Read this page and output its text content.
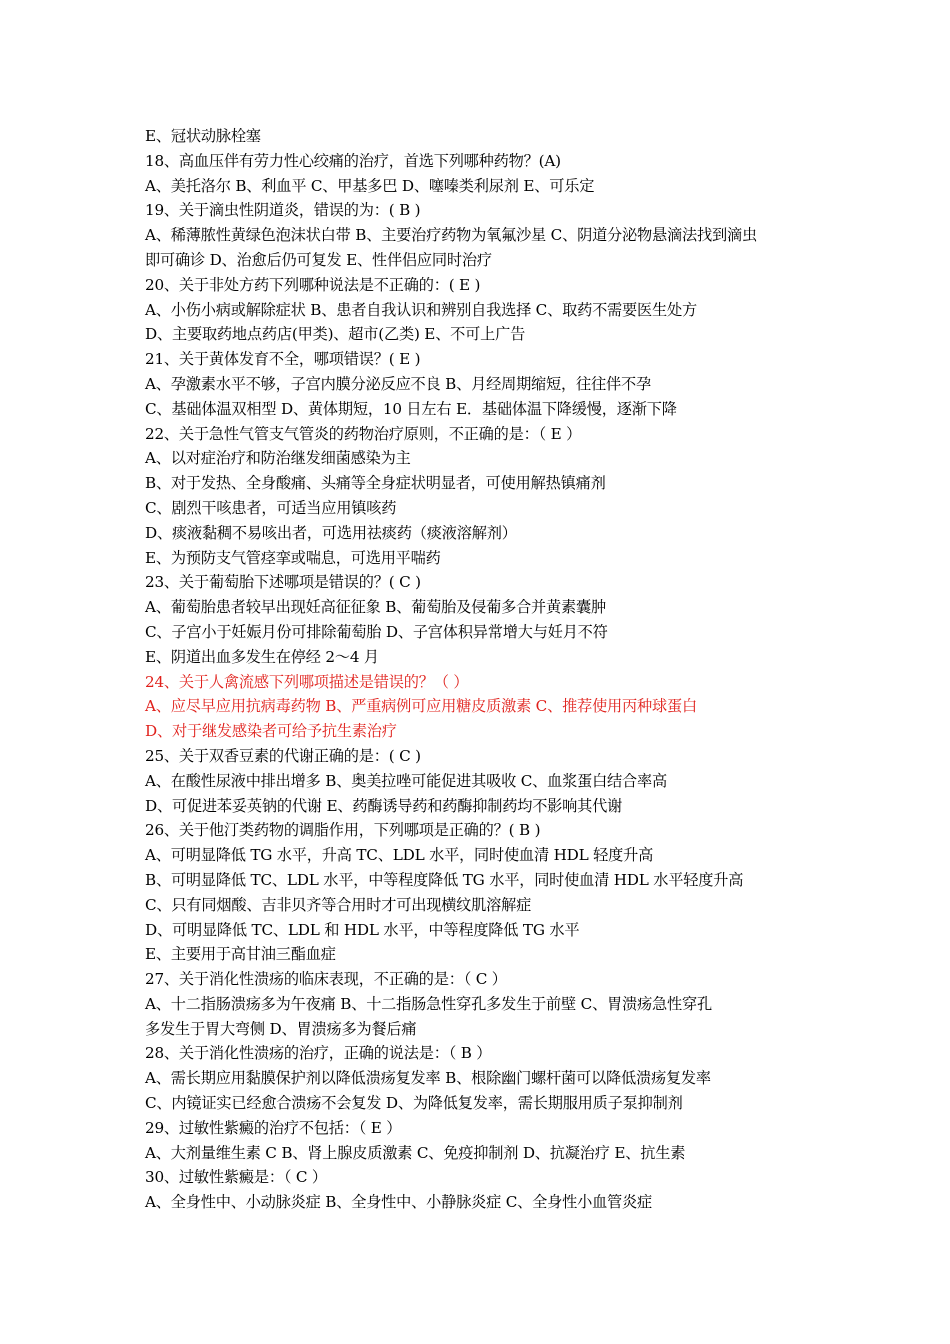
E、冠状动脉栓塞
18、高血压伴有劳力性心绞痛的治疗，首选下列哪种药物？(A)
A、美托洛尔 B、利血平 C、甲基多巴 D、噻嗪类利尿剂 E、可乐定
19、关于滴虫性阴道炎，错误的为：( B )
A、稀薄脓性黄绿色泡沫状白带 B、主要治疗药物为氧氟沙星 C、阴道分泌物悬滴法找到滴虫
即可确诊 D、治愈后仍可复发 E、性伴侣应同时治疗
20、关于非处方药下列哪种说法是不正确的：( E )
A、小伤小病或解除症状 B、患者自我认识和辨别自我选择 C、取药不需要医生处方
D、主要取药地点药店(甲类)、超市(乙类) E、不可上广告
21、关于黄体发育不全，哪项错误？( E )
A、孕激素水平不够，子宫内膜分泌反应不良 B、月经周期缩短，往往伴不孕
C、基础体温双相型 D、黄体期短，10 日左右 E．基础体温下降缓慢，逐渐下降
22、关于急性气管支气管炎的药物治疗原则，不正确的是：（ E ）
A、以对症治疗和防治继发细菌感染为主
B、对于发热、全身酸痛、头痛等全身症状明显者，可使用解热镇痛剂
C、剧烈干咳患者，可适当应用镇咳药
D、痰液黏稠不易咳出者，可选用祛痰药（痰液溶解剂）
E、为预防支气管痉挛或喘息，可选用平喘药
23、关于葡萄胎下述哪项是错误的？( C )
A、葡萄胎患者较早出现妊高征征象 B、葡萄胎及侵葡多合并黄素囊肿
C、子宫小于妊娠月份可排除葡萄胎 D、子宫体积异常增大与妊月不符
E、阴道出血多发生在停经 2～4 月
24、关于人禽流感下列哪项描述是错误的？（ ）
A、应尽早应用抗病毒药物 B、严重病例可应用糖皮质激素 C、推荐使用丙种球蛋白
D、对于继发感染者可给予抗生素治疗
25、关于双香豆素的代谢正确的是：( C )
A、在酸性尿液中排出增多 B、奥美拉唑可能促进其吸收 C、血浆蛋白结合率高
D、可促进苯妥英钠的代谢 E、药酶诱导药和药酶抑制药均不影响其代谢
26、关于他汀类药物的调脂作用，下列哪项是正确的？( B )
A、可明显降低 TG 水平，升高 TC、LDL 水平，同时使血清 HDL 轻度升高
B、可明显降低 TC、LDL 水平，中等程度降低 TG 水平，同时使血清 HDL 水平轻度升高
C、只有同烟酸、吉非贝齐等合用时才可出现横纹肌溶解症
D、可明显降低 TC、LDL 和 HDL 水平，中等程度降低 TG 水平
E、主要用于高甘油三酯血症
27、关于消化性溃疡的临床表现，不正确的是：（ C ）
A、十二指肠溃疡多为午夜痛 B、十二指肠急性穿孔多发生于前壁 C、胃溃疡急性穿孔
多发生于胃大弯侧 D、胃溃疡多为餐后痛
28、关于消化性溃疡的治疗，正确的说法是：（ B ）
A、需长期应用黏膜保护剂以降低溃疡复发率 B、根除幽门螺杆菌可以降低溃疡复发率
C、内镜证实已经愈合溃疡不会复发 D、为降低复发率，需长期服用质子泵抑制剂
29、过敏性紫癜的治疗不包括：（ E ）
A、大剂量维生素 C B、肾上腺皮质激素 C、免疫抑制剂 D、抗凝治疗 E、抗生素
30、过敏性紫癜是：（ C ）
A、全身性中、小动脉炎症 B、全身性中、小静脉炎症 C、全身性小血管炎症
